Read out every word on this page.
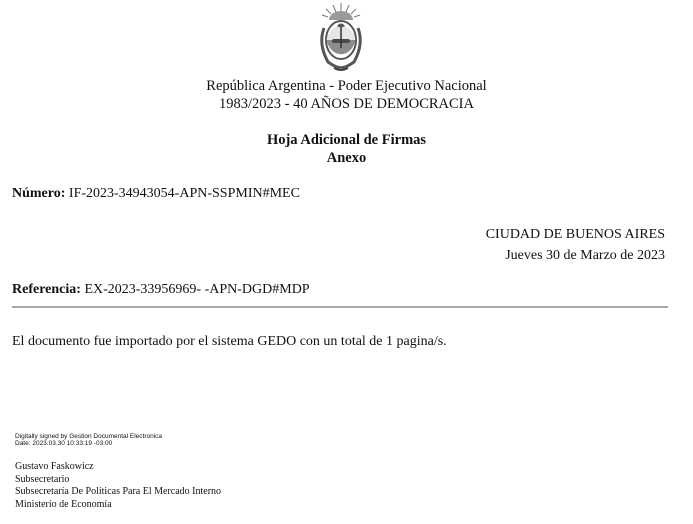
República Argentina - Poder Ejecutivo Nacional
1983/2023 - 40 AÑOS DE DEMOCRACIA
Hoja Adicional de Firmas
Anexo
Número: IF-2023-34943054-APN-SSPMIN#MEC
CIUDAD DE BUENOS AIRES
Jueves 30 de Marzo de 2023
Referencia: EX-2023-33956969- -APN-DGD#MDP
El documento fue importado por el sistema GEDO con un total de 1 pagina/s.
Digitally signed by Gestion Documental Electronica
Date: 2023.03.30 10:33:19 -03:00
Gustavo Faskowicz
Subsecretario
Subsecretaría De Políticas Para El Mercado Interno
Ministerio de Economía
